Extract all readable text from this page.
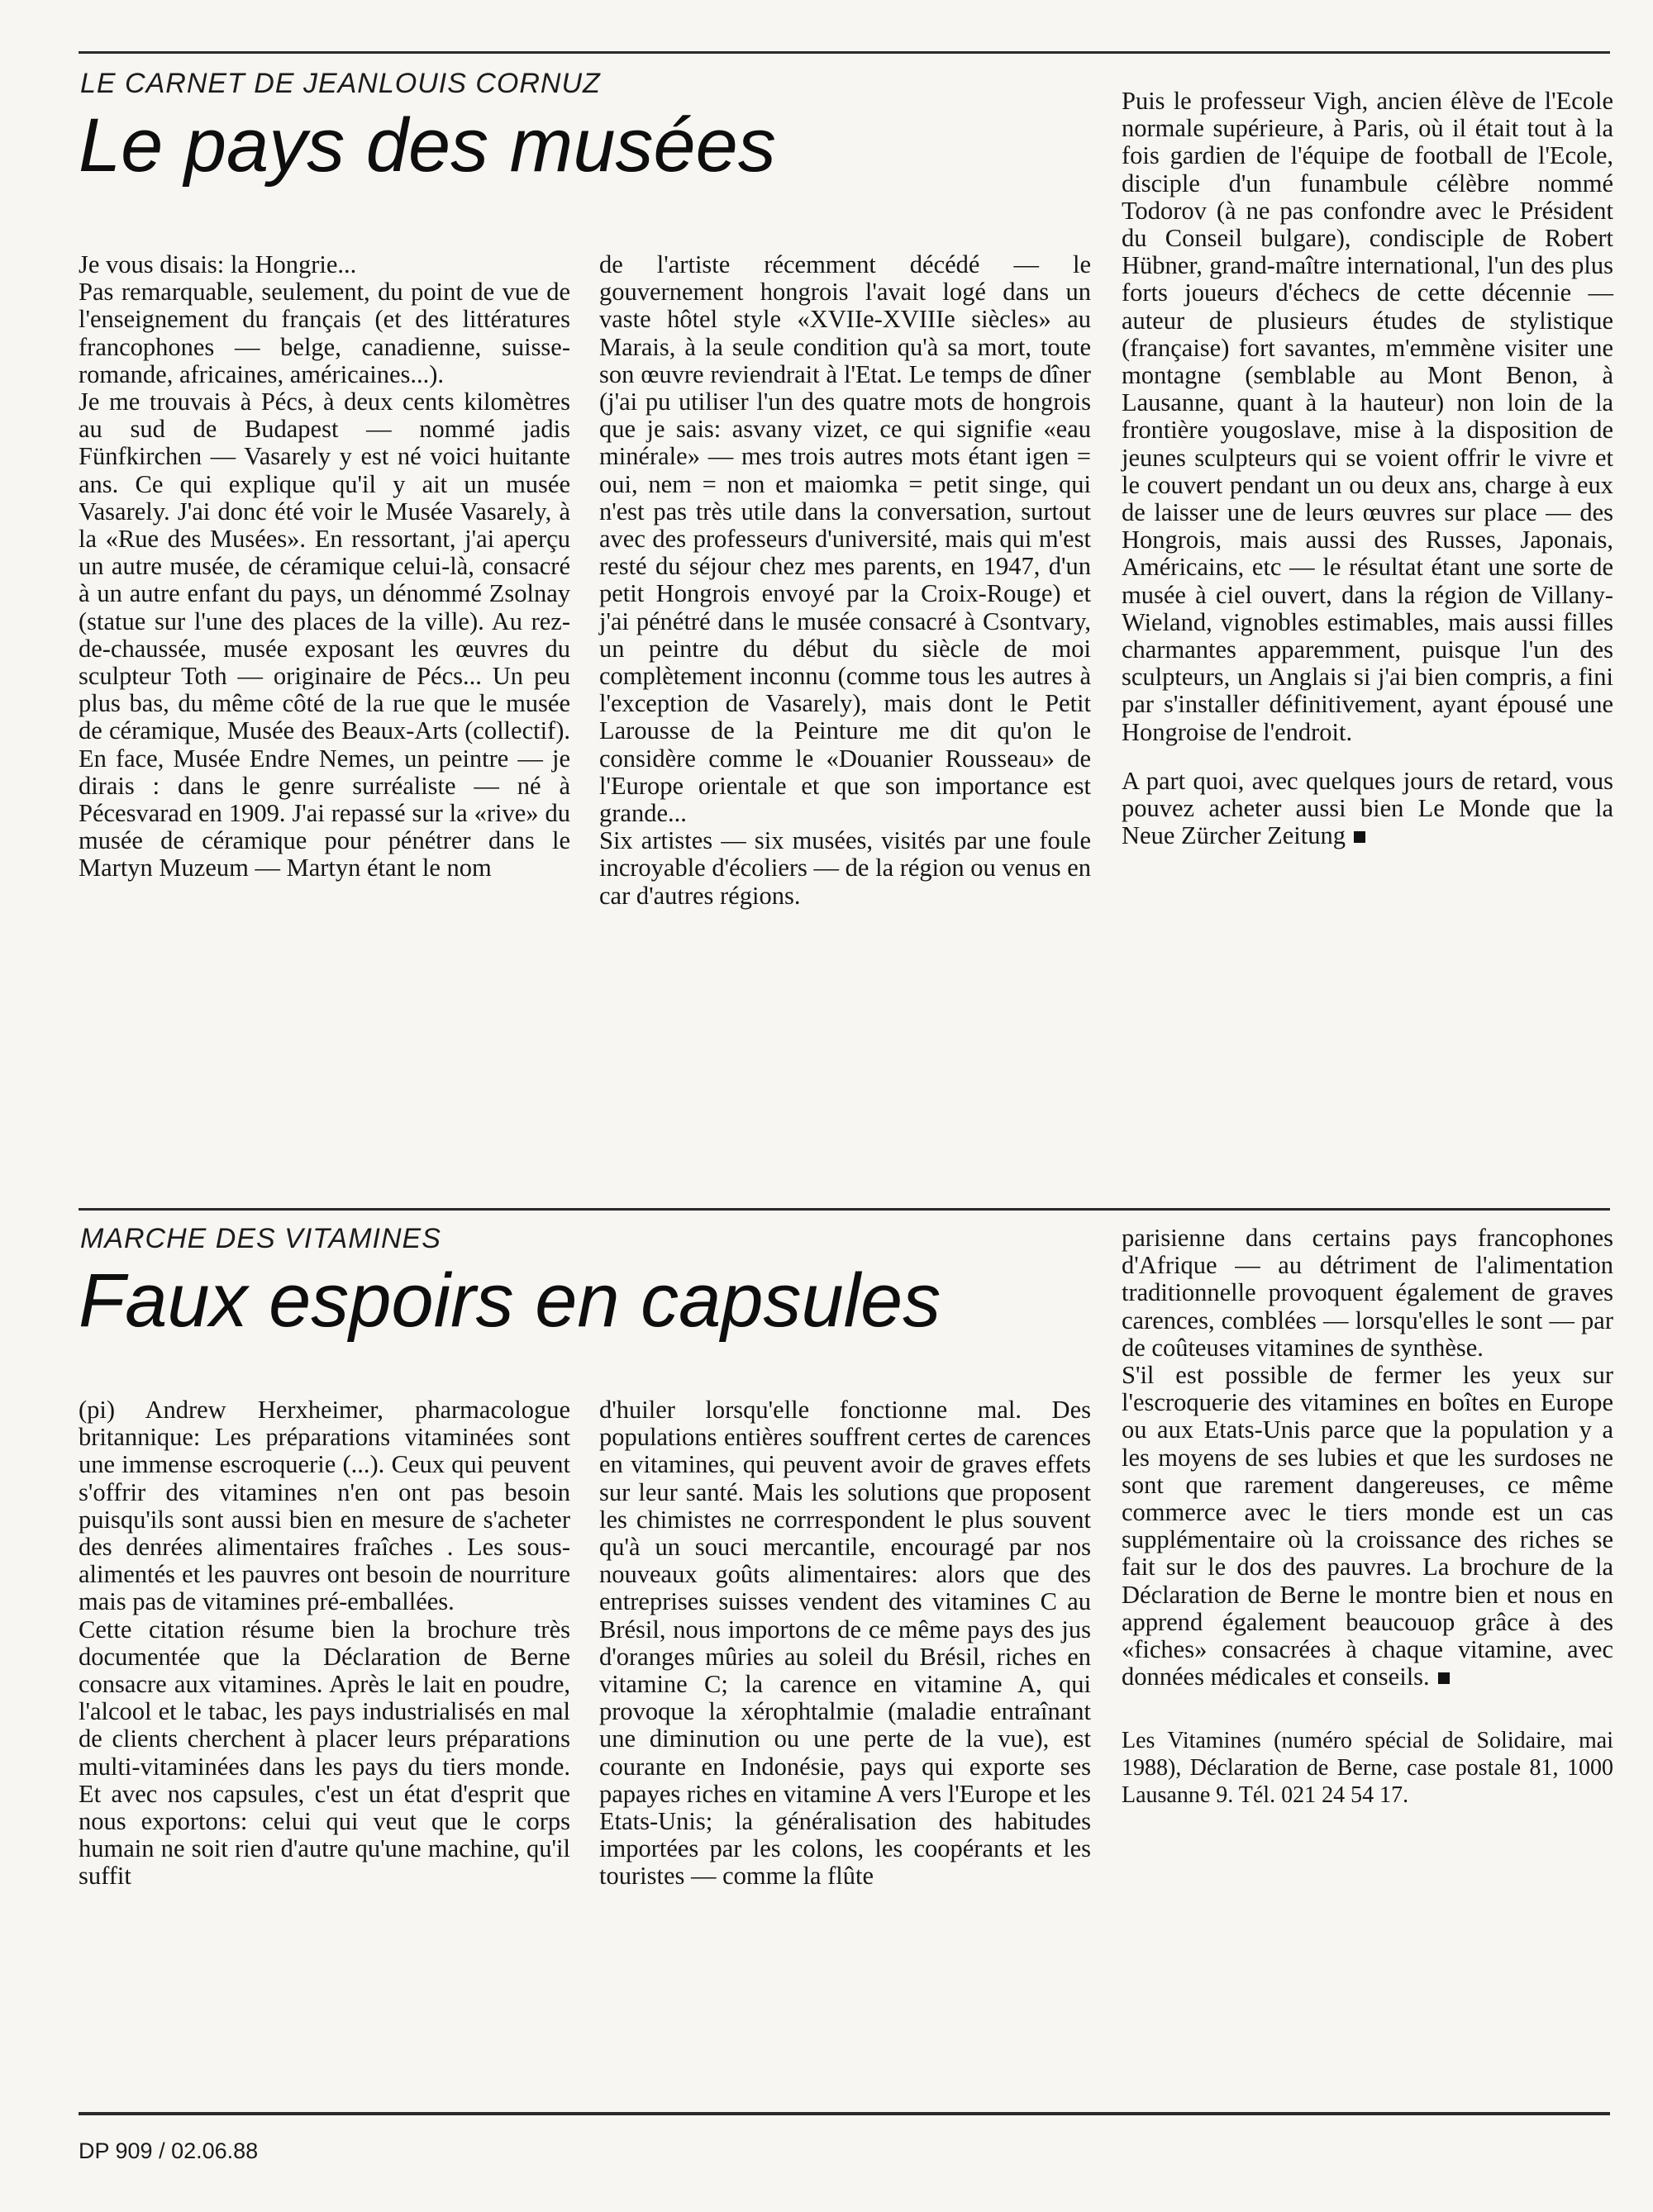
LE CARNET DE JEANLOUIS CORNUZ
Le pays des musées

Je vous disais: la Hongrie...

Pas remarquable, seulement, du point de vue de l'enseignement du français (et des littératures francophones — belge, canadienne, suisse-romande, africaines, américaines...).

Je me trouvais à Pécs, à deux cents kilomètres au sud de Budapest — nommé jadis Fünfkirchen — Vasarely y est né voici huitante ans. Ce qui explique qu'il y ait un musée Vasarely. J'ai donc été voir le Musée Vasarely, à la «Rue des Musées». En ressortant, j'ai aperçu un autre musée, de céramique celui-là, consacré à un autre enfant du pays, un dénommé Zsolnay (statue sur l'une des places de la ville). Au rez-de-chaussée, musée exposant les œuvres du sculpteur Toth — originaire de Pécs... Un peu plus bas, du même côté de la rue que le musée de céramique, Musée des Beaux-Arts (collectif). En face, Musée Endre Nemes, un peintre — je dirais : dans le genre surréaliste — né à Pécesvarad en 1909. J'ai repassé sur la «rive» du musée de céramique pour pénétrer dans le Martyn Muzeum — Martyn étant le nom

de l'artiste récemment décédé — le gouvernement hongrois l'avait logé dans un vaste hôtel style «XVIIe-XVIIIe siècles» au Marais, à la seule condition qu'à sa mort, toute son œuvre reviendrait à l'Etat. Le temps de dîner (j'ai pu utiliser l'un des quatre mots de hongrois que je sais: asvany vizet, ce qui signifie «eau minérale» — mes trois autres mots étant igen = oui, nem = non et maiomka = petit singe, qui n'est pas très utile dans la conversation, surtout avec des professeurs d'université, mais qui m'est resté du séjour chez mes parents, en 1947, d'un petit Hongrois envoyé par la Croix-Rouge) et j'ai pénétré dans le musée consacré à Csontvary, un peintre du début du siècle de moi complètement inconnu (comme tous les autres à l'exception de Vasarely), mais dont le Petit Larousse de la Peinture me dit qu'on le considère comme le «Douanier Rousseau» de l'Europe orientale et que son importance est grande...

Six artistes — six musées, visités par une foule incroyable d'écoliers — de la région ou venus en car d'autres régions.

Puis le professeur Vigh, ancien élève de l'Ecole normale supérieure, à Paris, où il était tout à la fois gardien de l'équipe de football de l'Ecole, disciple d'un funambule célèbre nommé Todorov (à ne pas confondre avec le Président du Conseil bulgare), condisciple de Robert Hübner, grand-maître international, l'un des plus forts joueurs d'échecs de cette décennie — auteur de plusieurs études de stylistique (française) fort savantes, m'emmène visiter une montagne (semblable au Mont Benon, à Lausanne, quant à la hauteur) non loin de la frontière yougoslave, mise à la disposition de jeunes sculpteurs qui se voient offrir le vivre et le couvert pendant un ou deux ans, charge à eux de laisser une de leurs œuvres sur place — des Hongrois, mais aussi des Russes, Japonais, Américains, etc — le résultat étant une sorte de musée à ciel ouvert, dans la région de Villany-Wieland, vignobles estimables, mais aussi filles charmantes apparemment, puisque l'un des sculpteurs, un Anglais si j'ai bien compris, a fini par s'installer définitivement, ayant épousé une Hongroise de l'endroit.

A part quoi, avec quelques jours de retard, vous pouvez acheter aussi bien Le Monde que la Neue Zürcher Zeitung

MARCHE DES VITAMINES
Faux espoirs en capsules

(pi) Andrew Herxheimer, pharmacologue britannique: Les préparations vitaminées sont une immense escroquerie (...). Ceux qui peuvent s'offrir des vitamines n'en ont pas besoin puisqu'ils sont aussi bien en mesure de s'acheter des denrées alimentaires fraîches . Les sous-alimentés et les pauvres ont besoin de nourriture mais pas de vitamines pré-emballées.

Cette citation résume bien la brochure très documentée que la Déclaration de Berne consacre aux vitamines. Après le lait en poudre, l'alcool et le tabac, les pays industrialisés en mal de clients cherchent à placer leurs préparations multi-vitaminées dans les pays du tiers monde. Et avec nos capsules, c'est un état d'esprit que nous exportons: celui qui veut que le corps humain ne soit rien d'autre qu'une machine, qu'il suffit

d'huiler lorsqu'elle fonctionne mal. Des populations entières souffrent certes de carences en vitamines, qui peuvent avoir de graves effets sur leur santé. Mais les solutions que proposent les chimistes ne corrrespondent le plus souvent qu'à un souci mercantile, encouragé par nos nouveaux goûts alimentaires: alors que des entreprises suisses vendent des vitamines C au Brésil, nous importons de ce même pays des jus d'oranges mûries au soleil du Brésil, riches en vitamine C; la carence en vitamine A, qui provoque la xérophtalmie (maladie entraînant une diminution ou une perte de la vue), est courante en Indonésie, pays qui exporte ses papayes riches en vitamine A vers l'Europe et les Etats-Unis; la généralisation des habitudes importées par les colons, les coopérants et les touristes — comme la flûte

parisienne dans certains pays francophones d'Afrique — au détriment de l'alimentation traditionnelle provoquent également de graves carences, comblées — lorsqu'elles le sont — par de coûteuses vitamines de synthèse.

S'il est possible de fermer les yeux sur l'escroquerie des vitamines en boîtes en Europe ou aux Etats-Unis parce que la population y a les moyens de ses lubies et que les surdoses ne sont que rarement dangereuses, ce même commerce avec le tiers monde est un cas supplémentaire où la croissance des riches se fait sur le dos des pauvres. La brochure de la Déclaration de Berne le montre bien et nous en apprend également beaucouop grâce à des «fiches» consacrées à chaque vitamine, avec données médicales et conseils.

Les Vitamines (numéro spécial de Solidaire, mai 1988), Déclaration de Berne, case postale 81, 1000 Lausanne 9. Tél. 021 24 54 17.

DP 909 / 02.06.88
